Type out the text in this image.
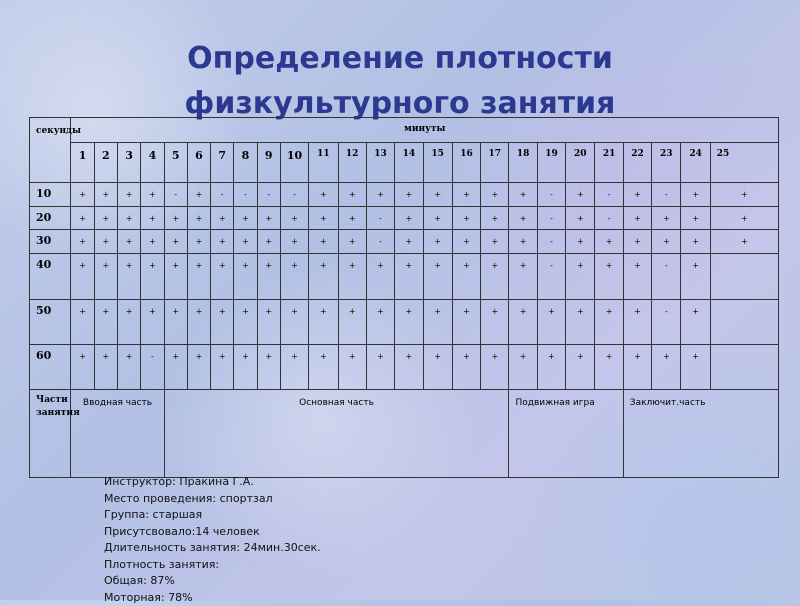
Определение плотности
физкультурного занятия
секунды	минуты																								
	1	2	3	4	5	6	7	8	9	10	11	12	13	14	15	16	17	18	19	20	21	22	23	24	25
10	+	+	+	+	-	+	-	-	-	-	+	+	+	+	+	+	+	+	-	+	-	+	-	+	+
20	+	+	+	+	+	+	+	+	+	+	+	+	-	+	+	+	+	+	-	+	-	+	+	+	+
30	+	+	+	+	+	+	+	+	+	+	+	+	-	+	+	+	+	+	-	+	+	+	+	+	+
40	+	+	+	+	+	+	+	+	+	+	+	+	+	+	+	+	+	+	-	+	+	+	-	+	
50	+	+	+	+	+	+	+	+	+	+	+	+	+	+	+	+	+	+	+	+	+	+	-	+	
60	+	+	+	-	+	+	+	+	+	+	+	+	+	+	+	+	+	+	+	+	+	+	+	+	
Части занятия	Вводная часть				Основная часть													Подвижная игра				Заключит.часть			
Инструктор: Пракина Г.А.
Место проведения: спортзал
Группа: старшая
Присутсвовало:14 человек
Длительность занятия: 24мин.30сек.
Плотность занятия:
Общая: 87%
Моторная: 78%
